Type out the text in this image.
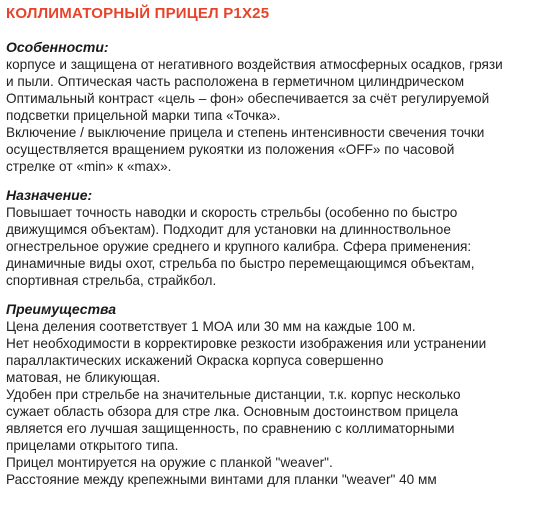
КОЛЛИМАТОРНЫЙ ПРИЦЕЛ P1X25
Особенности:
корпусе и защищена от негативного воздействия атмосферных осадков, грязи
и пыли. Оптическая часть расположена в герметичном цилиндрическом
Оптимальный контраст «цель – фон» обеспечивается за счёт регулируемой
подсветки прицельной марки типа «Точка».
Включение / выключение прицела и степень интенсивности свечения точки
осуществляется вращением рукоятки из положения «OFF» по часовой
стрелке от «min» к «max».
Назначение:
Повышает точность наводки и скорость стрельбы (особенно по быстро
движущимся объектам). Подходит для установки на длинноствольное
огнестрельное оружие среднего и крупного калибра. Сфера применения:
динамичные виды охот, стрельба по быстро перемещающимся объектам,
спортивная стрельба, страйкбол.
Преимущества
Цена деления соответствует 1 МОА или 30 мм на каждые 100 м.
Нет необходимости в корректировке резкости изображения или устранении
параллактических искажений Окраска корпуса совершенно
матовая, не бликующая.
Удобен при стрельбе на значительные дистанции, т.к. корпус несколько
сужает область обзора для стре лка. Основным достоинством прицела
является его лучшая защищенность, по сравнению с коллиматорными
прицелами открытого типа.
Прицел монтируется на оружие с планкой "weaver".
Расстояние между крепежными винтами для планки "weaver" 40 мм
